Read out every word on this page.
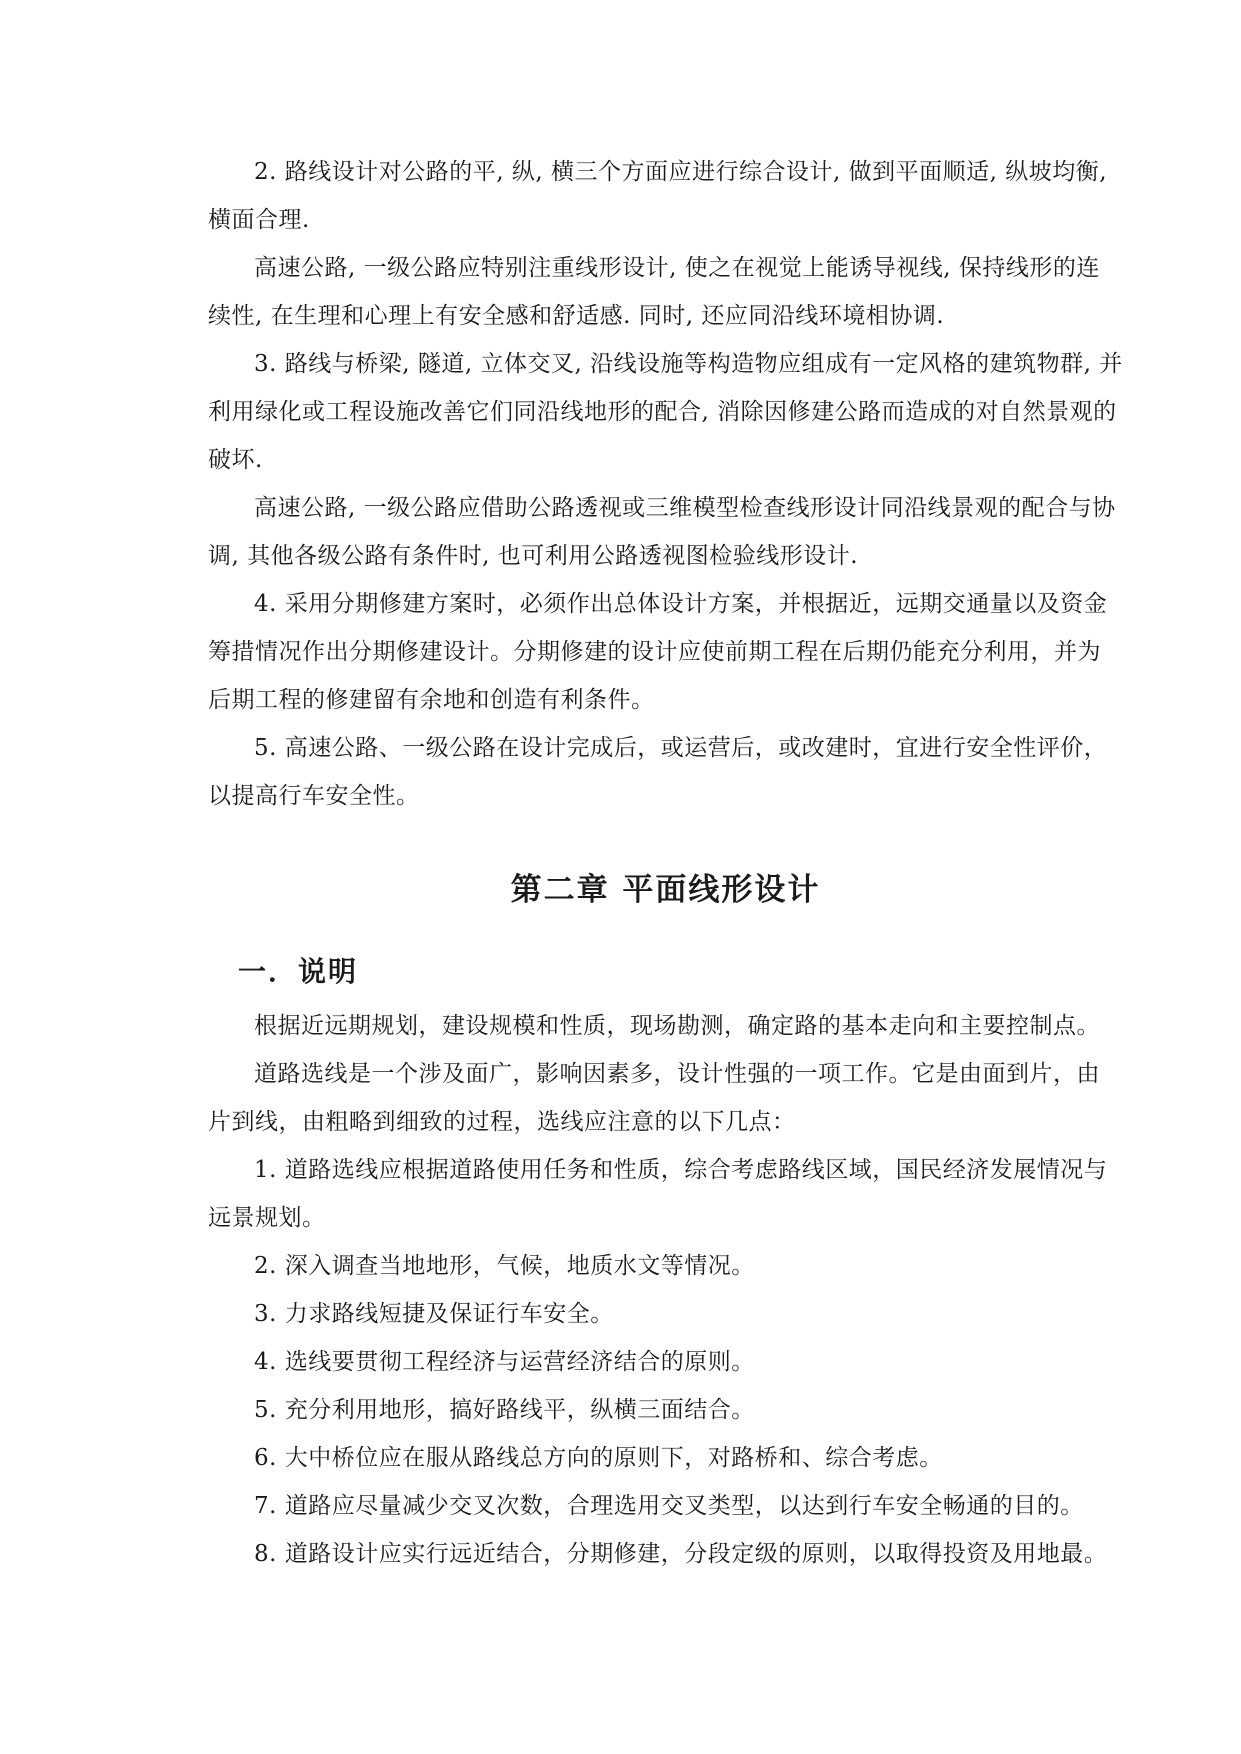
2. 路线设计对公路的平, 纵, 横三个方面应进行综合设计, 做到平面顺适, 纵坡均衡, 横面合理.

高速公路, 一级公路应特别注重线形设计, 使之在视觉上能诱导视线, 保持线形的连续性, 在生理和心理上有安全感和舒适感. 同时, 还应同沿线环境相协调.

3. 路线与桥梁, 隧道, 立体交叉, 沿线设施等构造物应组成有一定风格的建筑物群, 并利用绿化或工程设施改善它们同沿线地形的配合, 消除因修建公路而造成的对自然景观的破坏.

高速公路, 一级公路应借助公路透视或三维模型检查线形设计同沿线景观的配合与协调, 其他各级公路有条件时, 也可利用公路透视图检验线形设计.

4. 采用分期修建方案时，必须作出总体设计方案，并根据近，远期交通量以及资金筹措情况作出分期修建设计。分期修建的设计应使前期工程在后期仍能充分利用，并为后期工程的修建留有余地和创造有利条件。

5. 高速公路、一级公路在设计完成后，或运营后，或改建时，宜进行安全性评价，以提高行车安全性。

第二章 平面线形设计
一．说明

根据近远期规划，建设规模和性质，现场勘测，确定路的基本走向和主要控制点。

道路选线是一个涉及面广，影响因素多，设计性强的一项工作。它是由面到片，由片到线，由粗略到细致的过程，选线应注意的以下几点：

1. 道路选线应根据道路使用任务和性质，综合考虑路线区域，国民经济发展情况与远景规划。

2. 深入调查当地地形，气候，地质水文等情况。

3. 力求路线短捷及保证行车安全。

4. 选线要贯彻工程经济与运营经济结合的原则。

5. 充分利用地形，搞好路线平，纵横三面结合。

6. 大中桥位应在服从路线总方向的原则下，对路桥和、综合考虑。

7. 道路应尽量减少交叉次数，合理选用交叉类型，以达到行车安全畅通的目的。

8. 道路设计应实行远近结合，分期修建，分段定级的原则，以取得投资及用地最。
